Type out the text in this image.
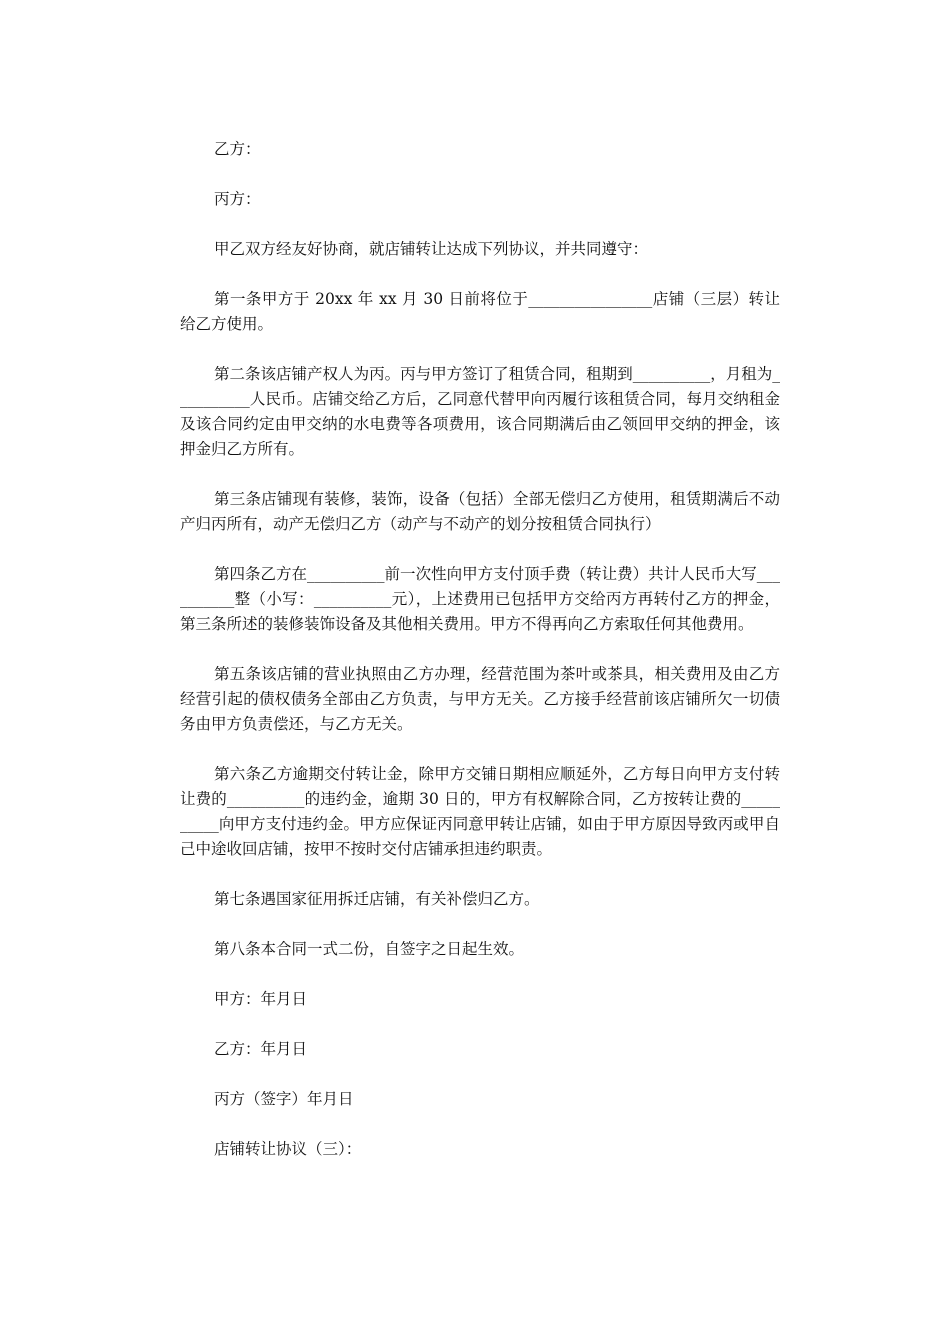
乙方：

丙方：

甲乙双方经友好协商，就店铺转让达成下列协议，并共同遵守：

第一条甲方于 20xx 年 xx 月 30 日前将位于________________店铺（三层）转让给乙方使用。

第二条该店铺产权人为丙。丙与甲方签订了租赁合同，租期到__________，月租为__________人民币。店铺交给乙方后，乙同意代替甲向丙履行该租赁合同，每月交纳租金及该合同约定由甲交纳的水电费等各项费用，该合同期满后由乙领回甲交纳的押金，该押金归乙方所有。

第三条店铺现有装修，装饰，设备（包括）全部无偿归乙方使用，租赁期满后不动产归丙所有，动产无偿归乙方（动产与不动产的划分按租赁合同执行）

第四条乙方在__________前一次性向甲方支付顶手费（转让费）共计人民币大写__________整（小写：__________元），上述费用已包括甲方交给丙方再转付乙方的押金，第三条所述的装修装饰设备及其他相关费用。甲方不得再向乙方索取任何其他费用。

第五条该店铺的营业执照由乙方办理，经营范围为茶叶或茶具，相关费用及由乙方经营引起的债权债务全部由乙方负责，与甲方无关。乙方接手经营前该店铺所欠一切债务由甲方负责偿还，与乙方无关。

第六条乙方逾期交付转让金，除甲方交铺日期相应顺延外，乙方每日向甲方支付转让费的__________的违约金，逾期 30 日的，甲方有权解除合同，乙方按转让费的__________向甲方支付违约金。甲方应保证丙同意甲转让店铺，如由于甲方原因导致丙或甲自己中途收回店铺，按甲不按时交付店铺承担违约职责。

第七条遇国家征用拆迁店铺，有关补偿归乙方。

第八条本合同一式二份，自签字之日起生效。

甲方：年月日

乙方：年月日

丙方（签字）年月日

店铺转让协议（三）：
